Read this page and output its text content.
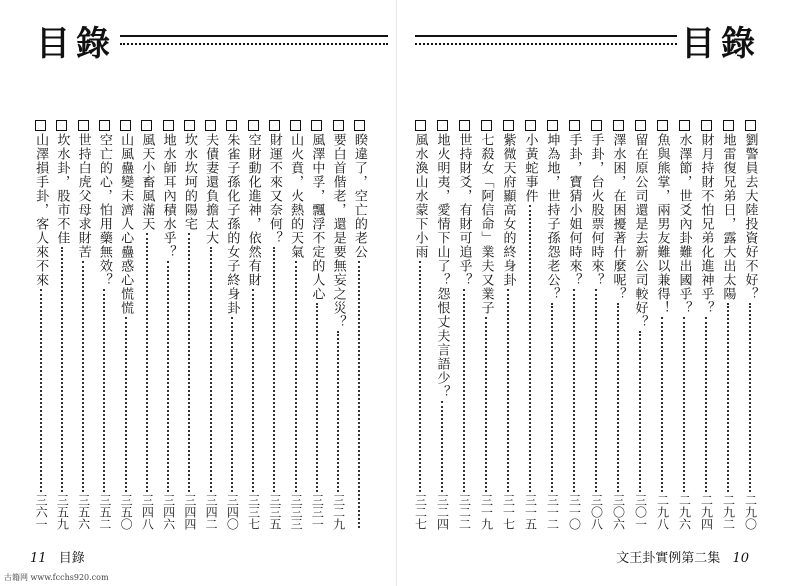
目錄
山澤損手卦，客人來不來
三六一
坎水卦，股市不佳
三五九
世持白虎父母求財苦
三五六
空亡的心，怕用藥無效？
三五二
山風蠱變未濟人心蠱惑心慌慌
三五〇
風天小畜風滿天
三四八
地水師耳內積水乎？
三四六
坎水坎坷的陽宅
三四四
夫債妻還負擔太大
三四二
朱雀子孫化子孫的女子終身卦
三四〇
空財動化進神，依然有財
三三七
財運不來又奈何？
三三五
山火賁，火熱的天氣
三三三
風澤中孚，飄浮不定的人心
三三一
要白首偕老，還是要無妄之災？
三二九
睽違了，空亡的老公
11 目錄
古籍网 www.fcchs920.com
目錄
風水渙山水蒙下小雨
三二七
地火明夷，愛情下山了？怨恨丈夫言語少？
三二四
世持財爻，有財可追乎？
三二二
七殺女「阿信命」業夫又業子
三一九
紫微天府顯高女的終身卦
三一七
小黃蛇事件
三一五
坤為地，世持子孫怨老公？
三一二
手卦，寶猜小姐何時來？
三一〇
手卦，台火股票何時來？
三〇八
澤水困，在困擾著什麼呢？
三〇六
留在原公司還是去新公司較好？
三〇一
魚與熊掌，兩男友難以兼得！
二九八
水澤節，世爻內卦難出國乎？
二九六
財月持財不怕兄弟化進神乎？
二九四
地雷復兄弟日，露大出太陽
二九二
劉警員去大陸投資好不好？
二九〇
文王卦實例第二集 10
